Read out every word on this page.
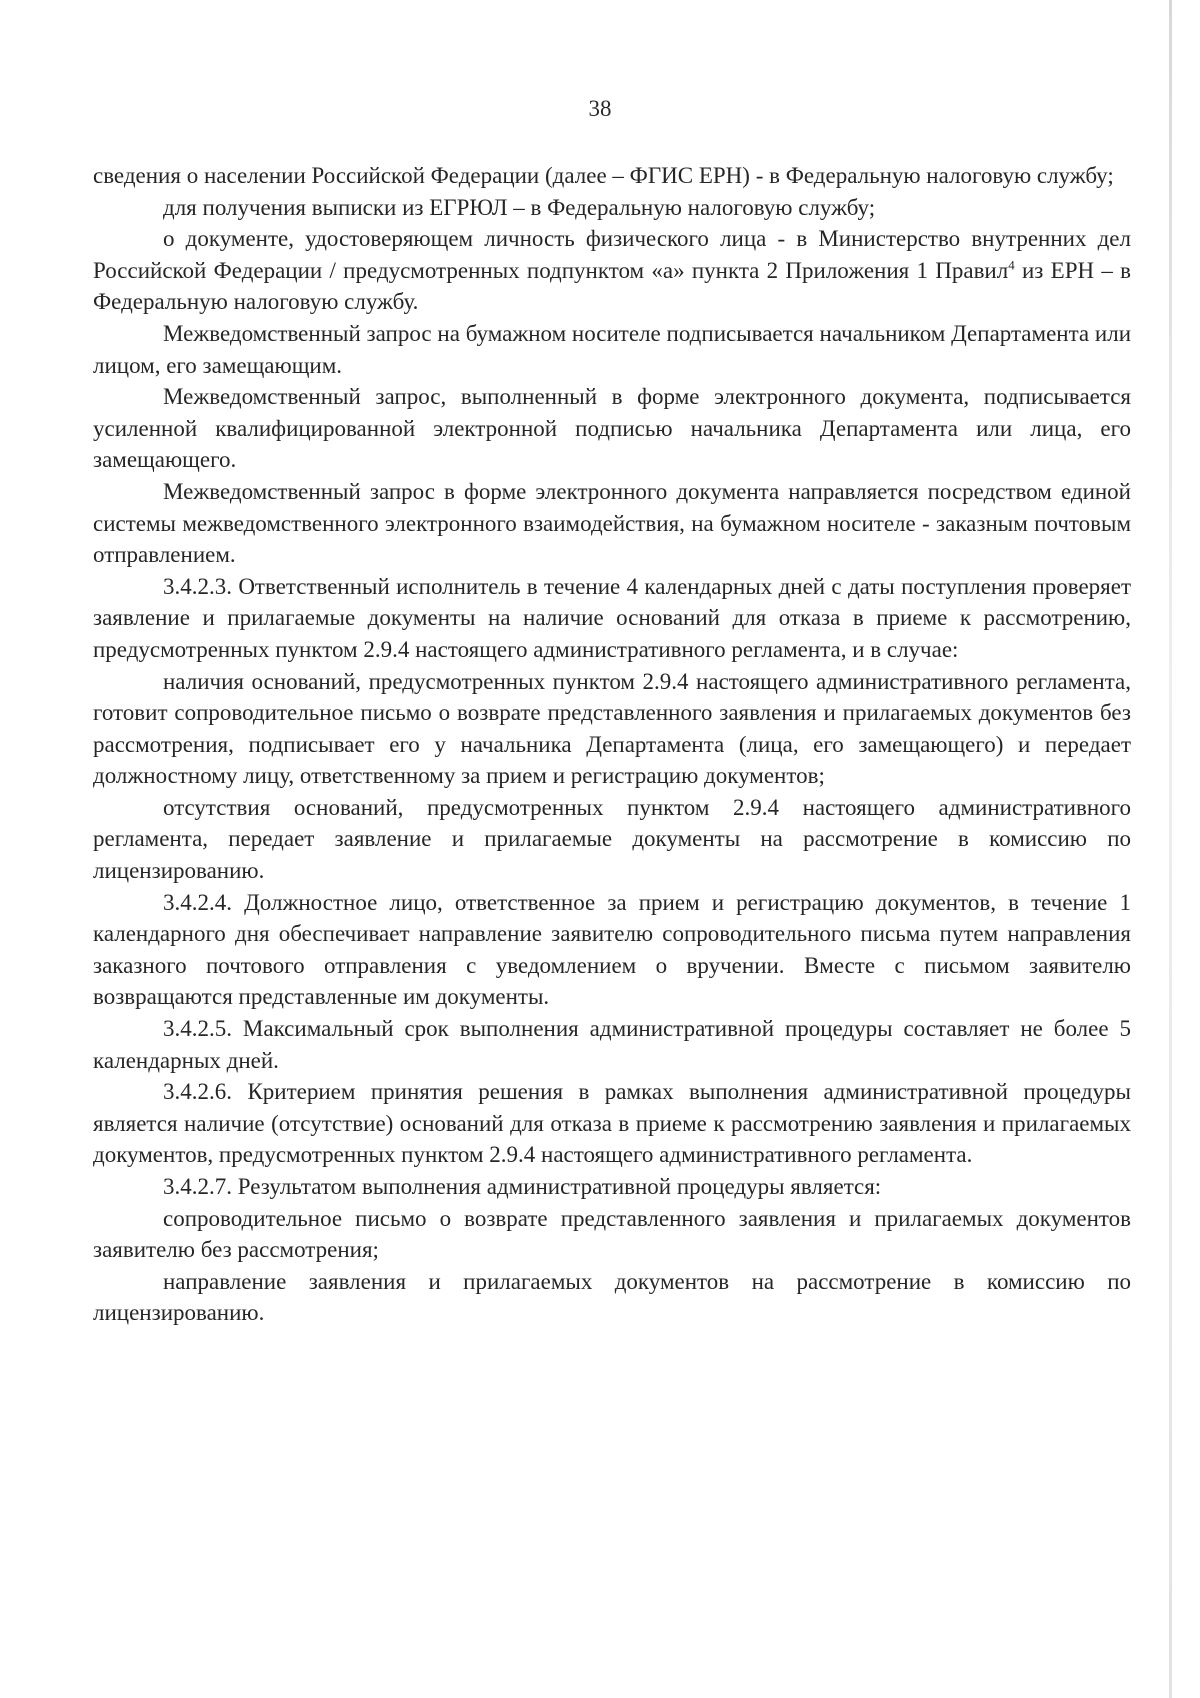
38

сведения о населении Российской Федерации (далее – ФГИС ЕРН) - в Федеральную налоговую службу;

для получения выписки из ЕГРЮЛ – в Федеральную налоговую службу;

о документе, удостоверяющем личность физического лица - в Министерство внутренних дел Российской Федерации / предусмотренных подпунктом «а» пункта 2 Приложения 1 Правил$^4$ из ЕРН – в Федеральную налоговую службу.

Межведомственный запрос на бумажном носителе подписывается начальником Департамента или лицом, его замещающим.

Межведомственный запрос, выполненный в форме электронного документа, подписывается усиленной квалифицированной электронной подписью начальника Департамента или лица, его замещающего.

Межведомственный запрос в форме электронного документа направляется посредством единой системы межведомственного электронного взаимодействия, на бумажном носителе - заказным почтовым отправлением.

3.4.2.3. Ответственный исполнитель в течение 4 календарных дней с даты поступления проверяет заявление и прилагаемые документы на наличие оснований для отказа в приеме к рассмотрению, предусмотренных пунктом 2.9.4 настоящего административного регламента, и в случае:

наличия оснований, предусмотренных пунктом 2.9.4 настоящего административного регламента, готовит сопроводительное письмо о возврате представленного заявления и прилагаемых документов без рассмотрения, подписывает его у начальника Департамента (лица, его замещающего) и передает должностному лицу, ответственному за прием и регистрацию документов;

отсутствия оснований, предусмотренных пунктом 2.9.4 настоящего административного регламента, передает заявление и прилагаемые документы на рассмотрение в комиссию по лицензированию.

3.4.2.4. Должностное лицо, ответственное за прием и регистрацию документов, в течение 1 календарного дня обеспечивает направление заявителю сопроводительного письма путем направления заказного почтового отправления с уведомлением о вручении. Вместе с письмом заявителю возвращаются представленные им документы.

3.4.2.5. Максимальный срок выполнения административной процедуры составляет не более 5 календарных дней.

3.4.2.6. Критерием принятия решения в рамках выполнения административной процедуры является наличие (отсутствие) оснований для отказа в приеме к рассмотрению заявления и прилагаемых документов, предусмотренных пунктом 2.9.4 настоящего административного регламента.

3.4.2.7. Результатом выполнения административной процедуры является:

сопроводительное письмо о возврате представленного заявления и прилагаемых документов заявителю без рассмотрения;

направление заявления и прилагаемых документов на рассмотрение в комиссию по лицензированию.
